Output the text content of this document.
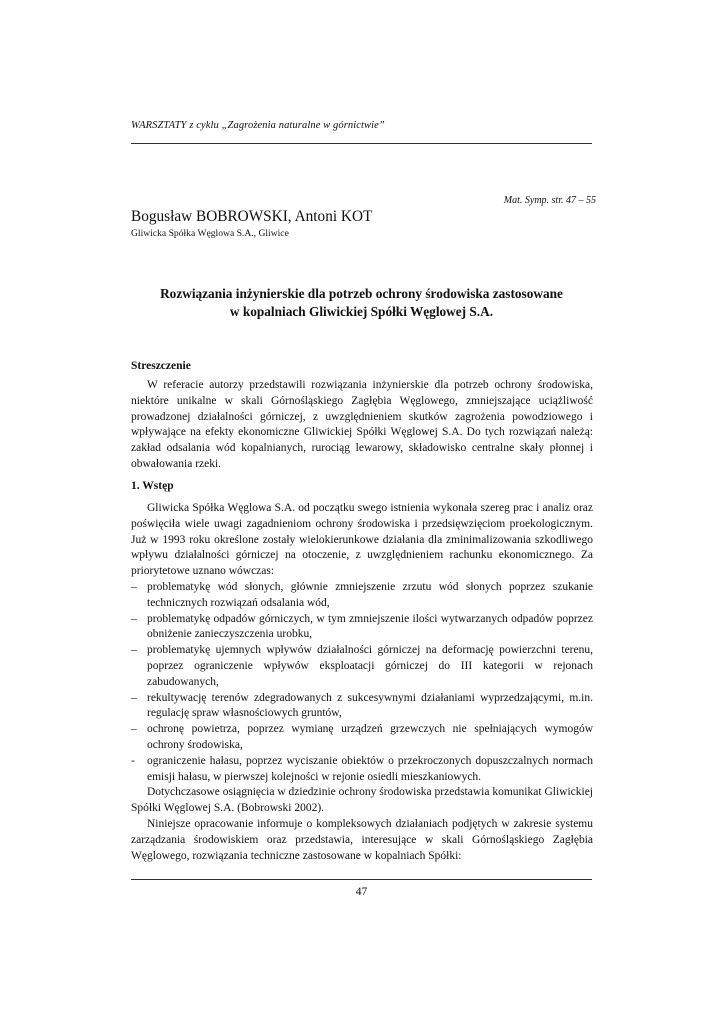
WARSZTATY z cyklu „Zagrożenia naturalne w górnictwie”
Mat. Symp. str. 47 – 55
Bogusław BOBROWSKI, Antoni KOT
Gliwicka Spółka Węglowa S.A., Gliwice
Rozwiązania inżynierskie dla potrzeb ochrony środowiska zastosowane
w kopalniach Gliwickiej Spółki Węglowej S.A.
Streszczenie

W referacie autorzy przedstawili rozwiązania inżynierskie dla potrzeb ochrony środowiska, niektóre unikalne w skali Górnośląskiego Zagłębia Węglowego, zmniejszające uciążliwość prowadzonej działalności górniczej, z uwzględnieniem skutków zagrożenia powodziowego i wpływające na efekty ekonomiczne Gliwickiej Spółki Węglowej S.A. Do tych rozwiązań należą: zakład odsalania wód kopalnianych, rurociąg lewarowy, składowisko centralne skały płonnej i obwałowania rzeki.

1. Wstęp

Gliwicka Spółka Węglowa S.A. od początku swego istnienia wykonała szereg prac i analiz oraz poświęciła wiele uwagi zagadnieniom ochrony środowiska i przedsięwzięciom proekologicznym. Już w 1993 roku określone zostały wielokierunkowe działania dla zminimalizowania szkodliwego wpływu działalności górniczej na otoczenie, z uwzględnieniem rachunku ekonomicznego. Za priorytetowe uznano wówczas:

– problematykę wód słonych, głównie zmniejszenie zrzutu wód słonych poprzez szukanie technicznych rozwiązań odsalania wód,
– problematykę odpadów górniczych, w tym zmniejszenie ilości wytwarzanych odpadów poprzez obniżenie zanieczyszczenia urobku,
– problematykę ujemnych wpływów działalności górniczej na deformację powierzchni terenu, poprzez ograniczenie wpływów eksploatacji górniczej do III kategorii w rejonach zabudowanych,
– rekultywację terenów zdegradowanych z sukcesywnymi działaniami wyprzedzającymi, m.in. regulację spraw własnościowych gruntów,
– ochronę powietrza, poprzez wymianę urządzeń grzewczych nie spełniających wymogów ochrony środowiska,
- ograniczenie hałasu, poprzez wyciszanie obiektów o przekroczonych dopuszczalnych normach emisji hałasu, w pierwszej kolejności w rejonie osiedli mieszkaniowych.

Dotychczasowe osiągnięcia w dziedzinie ochrony środowiska przedstawia komunikat Gliwickiej Spółki Węglowej S.A. (Bobrowski 2002).

Niniejsze opracowanie informuje o kompleksowych działaniach podjętych w zakresie systemu zarządzania środowiskiem oraz przedstawia, interesujące w skali Górnośląskiego Zagłębia Węglowego, rozwiązania techniczne zastosowane w kopalniach Spółki:

47
